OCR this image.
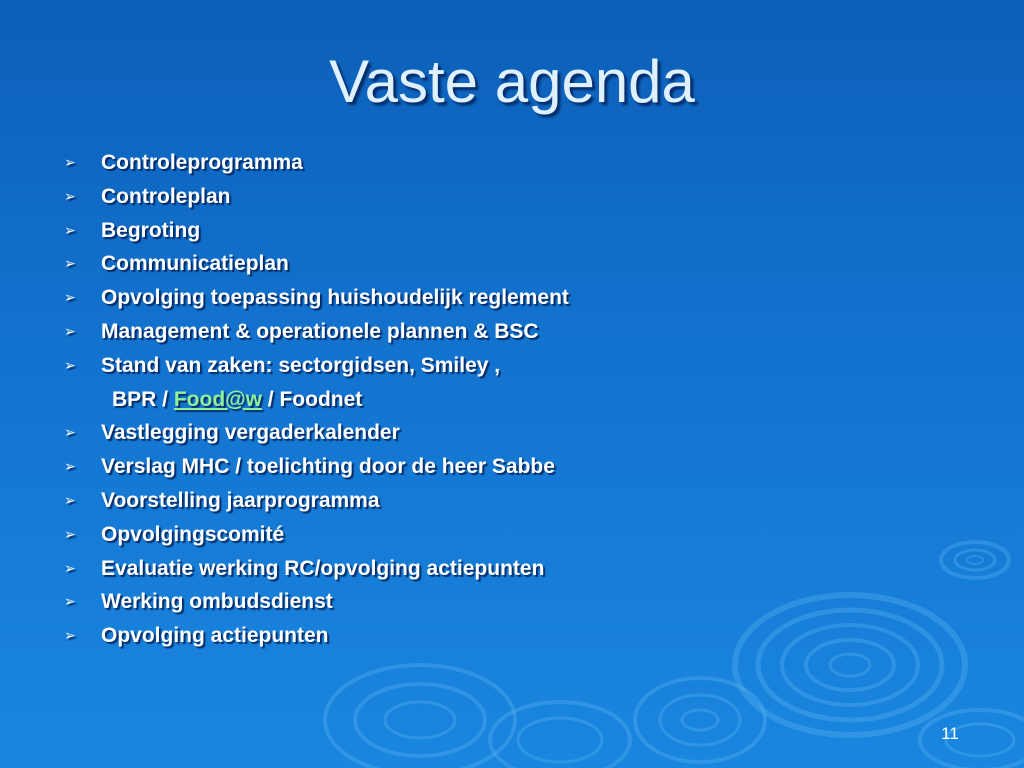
Vaste agenda
➢ Controleprogramma
➢ Controleplan
➢ Begroting
➢ Communicatieplan
➢ Opvolging toepassing huishoudelijk reglement
➢ Management & operationele plannen & BSC
➢ Stand van zaken: sectorgidsen, Smiley ,
BPR / Food@w / Foodnet
➢ Vastlegging vergaderkalender
➢ Verslag MHC / toelichting door de heer Sabbe
➢ Voorstelling jaarprogramma
➢ Opvolgingscomité
➢ Evaluatie werking RC/opvolging actiepunten
➢ Werking ombudsdienst
➢ Opvolging actiepunten
11
